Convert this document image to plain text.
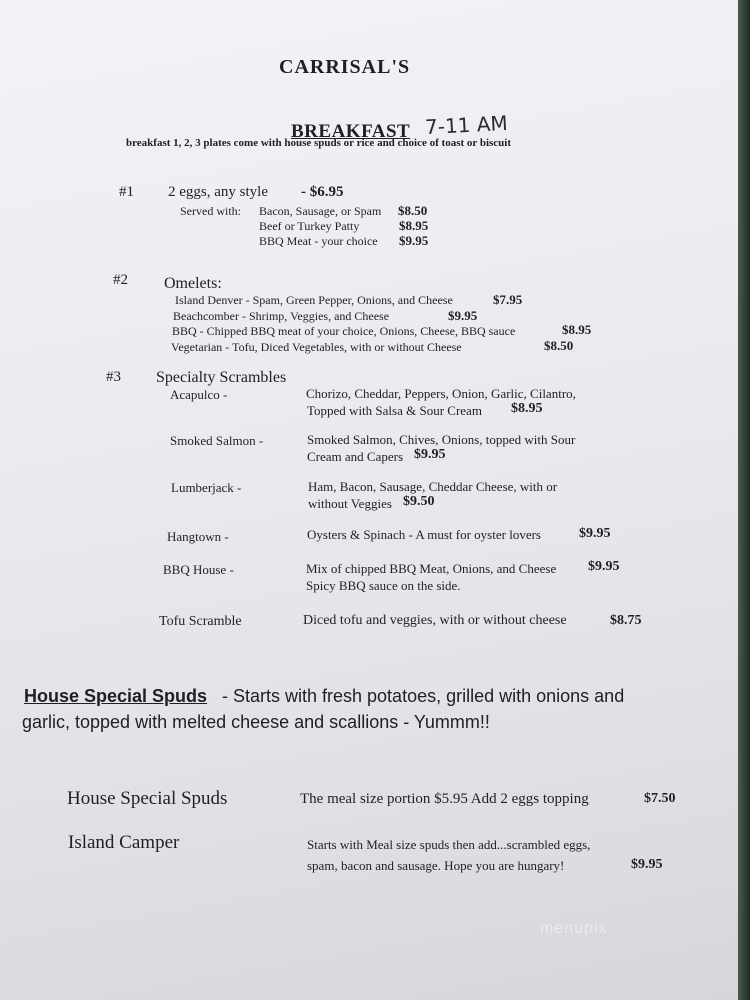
CARRISAL'S
BREAKFAST 7-11 AM
breakfast 1, 2, 3 plates come with house spuds or rice and choice of toast or biscuit
#1 2 eggs, any style - $6.95
Served with: Bacon, Sausage, or Spam $8.50
Beef or Turkey Patty	$8.95
BBQ Meat - your choice $9.95
#2 Omelets:
Island Denver - Spam, Green Pepper, Onions, and Cheese	$7.95
Beachcomber - Shrimp, Veggies, and Cheese	$9.95
BBQ - Chipped BBQ meat of your choice, Onions, Cheese, BBQ sauce	$8.95
Vegetarian - Tofu, Diced Vegetables, with or without Cheese	$8.50
#3 Specialty Scrambles
Acapulco -	Chorizo, Cheddar, Peppers, Onion, Garlic, Cilantro,
Topped with Salsa & Sour Cream $8.95
Smoked Salmon -	Smoked Salmon, Chives, Onions, topped with Sour
Cream and Capers $9.95
Lumberjack -	Ham, Bacon, Sausage, Cheddar Cheese, with or
without Veggies $9.50
Hangtown -	Oysters & Spinach - A must for oyster lovers	$9.95
BBQ House -	Mix of chipped BBQ Meat, Onions, and Cheese $9.95
Spicy BBQ sauce on the side.
Tofu Scramble	Diced tofu and veggies, with or without cheese	$8.75
House Special Spuds - Starts with fresh potatoes, grilled with onions and
garlic, topped with melted cheese and scallions - Yummm!!
House Special Spuds	The meal size portion $5.95 Add 2 eggs topping	$7.50
Island Camper	Starts with Meal size spuds then add...scrambled eggs,
spam, bacon and sausage. Hope you are hungary!	$9.95
menupix
